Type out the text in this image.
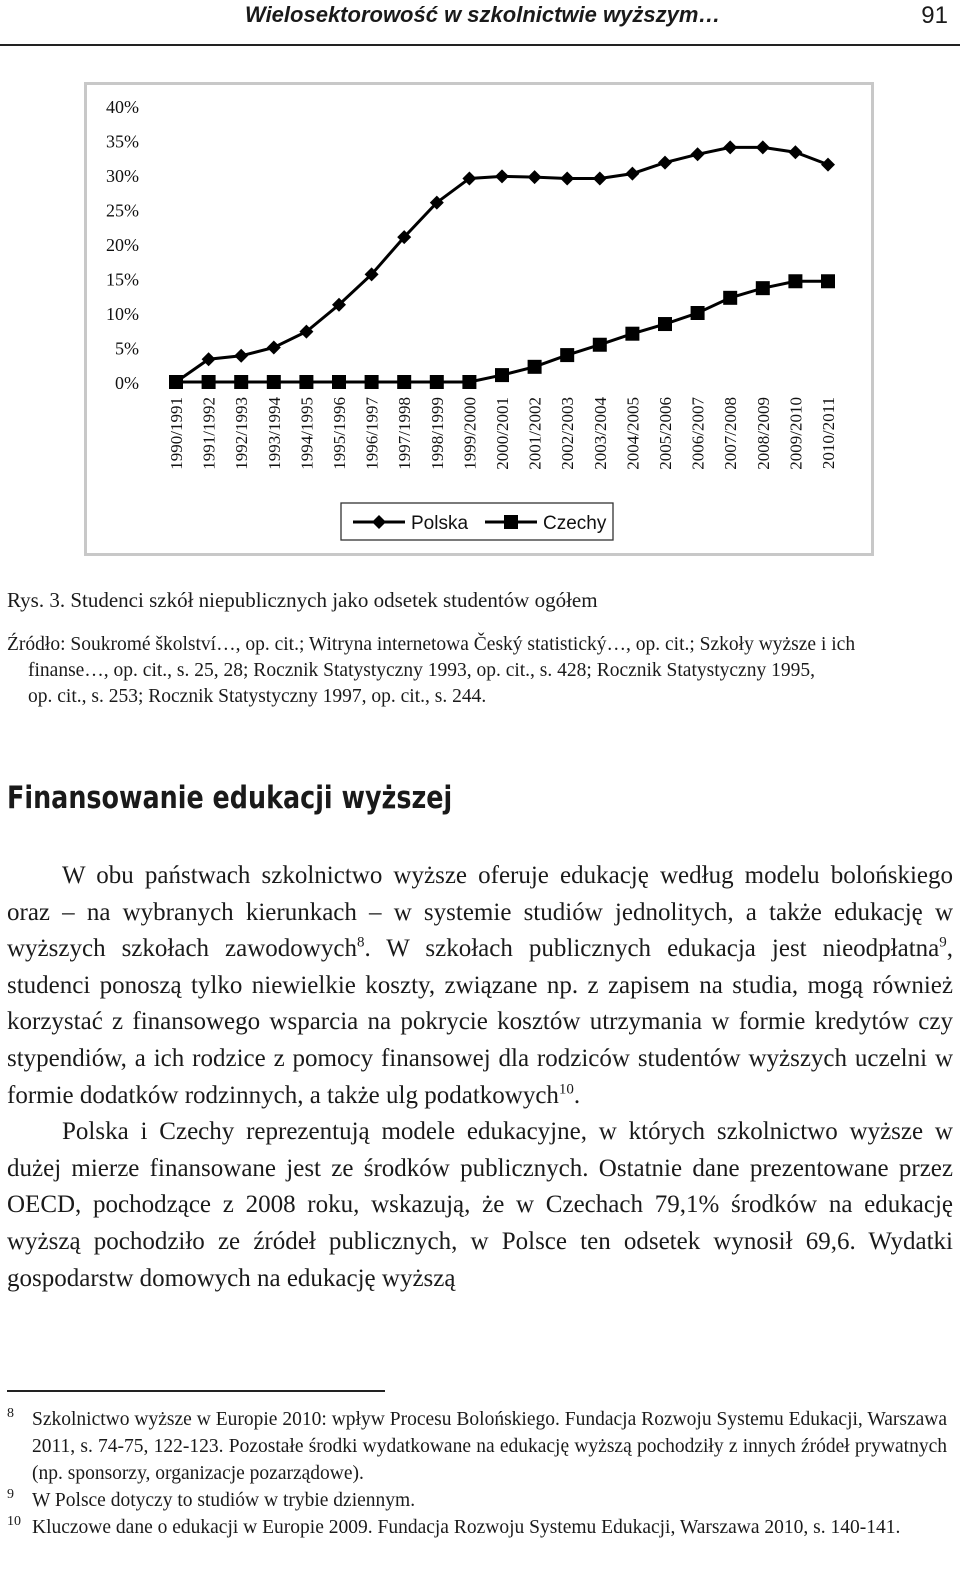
Wielosektorowość w szkolnictwie wyższym…	91
0%
5%
10%
15%
20%
25%
30%
35%
40%
1990/1991 1991/1992 1992/1993 1993/1994 1994/1995 1995/1996 1996/1997 1997/1998 1998/1999 1999/2000 2000/2001 2001/2002 2002/2003 2003/2004 2004/2005 2005/2006 2006/2007 2007/2008 2008/2009 2009/2010 2010/2011
Polska	Czechy
Rys. 3. Studenci szkół niepublicznych jako odsetek studentów ogółem
Źródło: Soukromé školství…, op. cit.; Witryna internetowa Český statistický…, op. cit.; Szkoły wyższe i ich
finanse…, op. cit., s. 25, 28; Rocznik Statystyczny 1993, op. cit., s. 428; Rocznik Statystyczny 1995,
op. cit., s. 253; Rocznik Statystyczny 1997, op. cit., s. 244.
Finansowanie edukacji wyższej

W obu państwach szkolnictwo wyższe oferuje edukację według modelu bolońskiego oraz – na wybranych kierunkach – w systemie studiów jednolitych, a także edukację w wyższych szkołach zawodowych$^8$. W szkołach publicznych edukacja jest nieodpłatna$^9$, studenci ponoszą tylko niewielkie koszty, związane np. z zapisem na studia, mogą również korzystać z finansowego wsparcia na pokrycie kosztów utrzymania w formie kredytów czy stypendiów, a ich rodzice z pomocy finansowej dla rodziców studentów wyższych uczelni w formie dodatków rodzinnych, a także ulg podatkowych$^{10}$.

Polska i Czechy reprezentują modele edukacyjne, w których szkolnictwo wyższe w dużej mierze finansowane jest ze środków publicznych. Ostatnie dane prezentowane przez OECD, pochodzące z 2008 roku, wskazują, że w Czechach 79,1% środków na edukację wyższą pochodziło ze źródeł publicznych, w Polsce ten odsetek wynosił 69,6. Wydatki gospodarstw domowych na edukację wyższą

8 Szkolnictwo wyższe w Europie 2010: wpływ Procesu Bolońskiego. Fundacja Rozwoju Systemu Edukacji, Warszawa 2011, s. 74-75, 122-123. Pozostałe środki wydatkowane na edukację wyższą pochodziły z innych źródeł prywatnych (np. sponsorzy, organizacje pozarządowe).
9 W Polsce dotyczy to studiów w trybie dziennym.
10 Kluczowe dane o edukacji w Europie 2009. Fundacja Rozwoju Systemu Edukacji, Warszawa 2010, s. 140-141.
